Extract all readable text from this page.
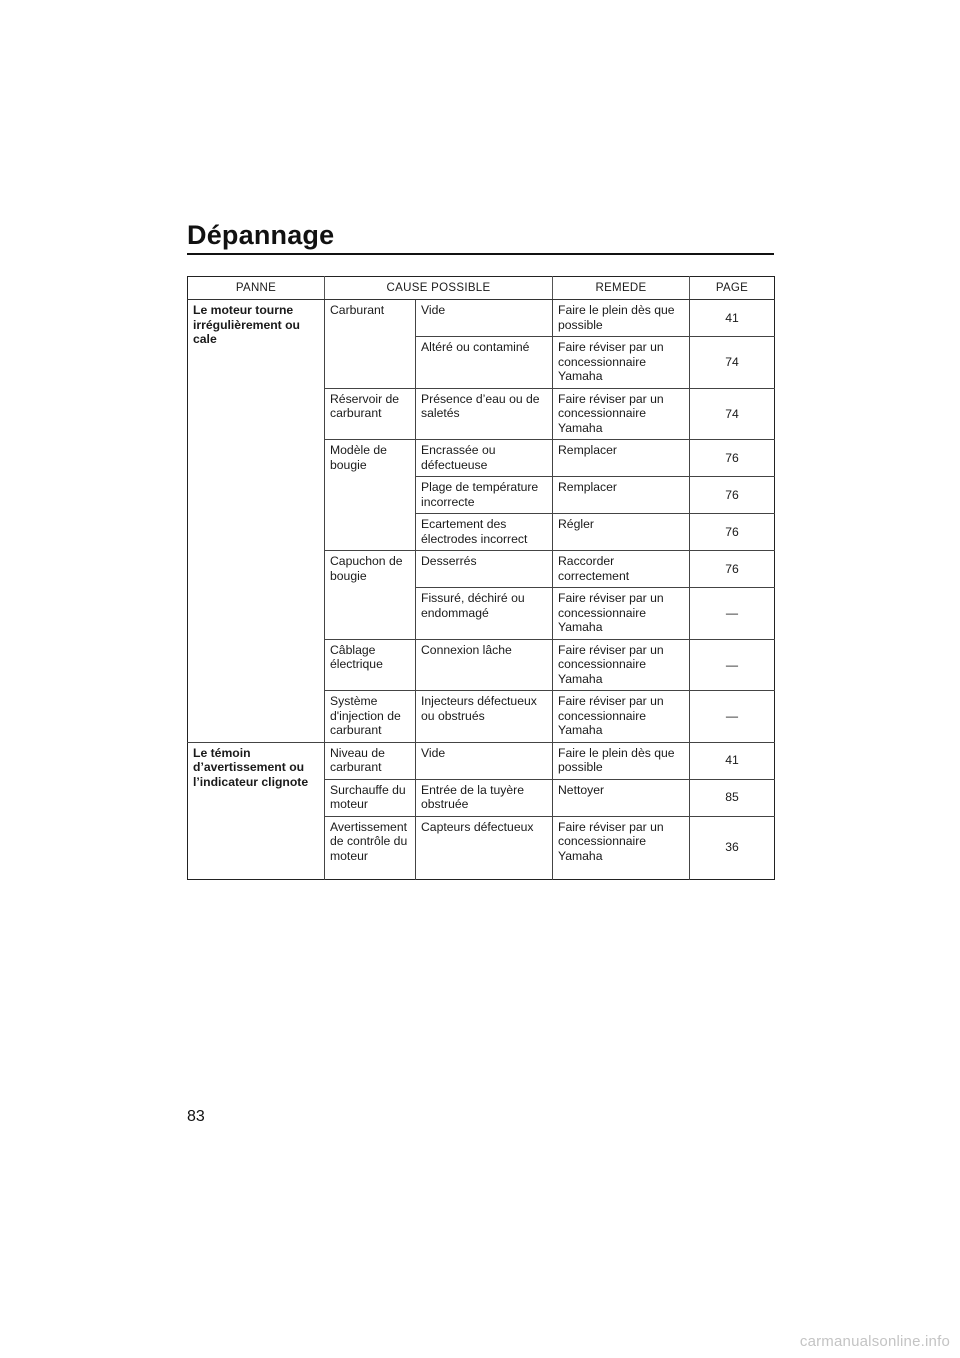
Dépannage
PANNE	CAUSE POSSIBLE		REMEDE	PAGE
Le moteur tourne irrégulièrement ou cale	Carburant	Vide	Faire le plein dès que possible	41
		Altéré ou contaminé	Faire réviser par un concessionnaire Yamaha	74
	Réservoir de carburant	Présence d’eau ou de saletés	Faire réviser par un concessionnaire Yamaha	74
	Modèle de bougie	Encrassée ou défectueuse	Remplacer	76
		Plage de température incorrecte	Remplacer	76
		Ecartement des électrodes incorrect	Régler	76
	Capuchon de bougie	Desserrés	Raccorder correctement	76
		Fissuré, déchiré ou endommagé	Faire réviser par un concessionnaire Yamaha	—
	Câblage électrique	Connexion lâche	Faire réviser par un concessionnaire Yamaha	—
	Système d'injection de carburant	Injecteurs défectueux ou obstrués	Faire réviser par un concessionnaire Yamaha	—
Le témoin d’avertissement ou l’indicateur clignote	Niveau de carburant	Vide	Faire le plein dès que possible	41
	Surchauffe du moteur	Entrée de la tuyère obstruée	Nettoyer	85
	Avertissement de contrôle du moteur	Capteurs défectueux	Faire réviser par un concessionnaire Yamaha	36
83
carmanualsonline.info
